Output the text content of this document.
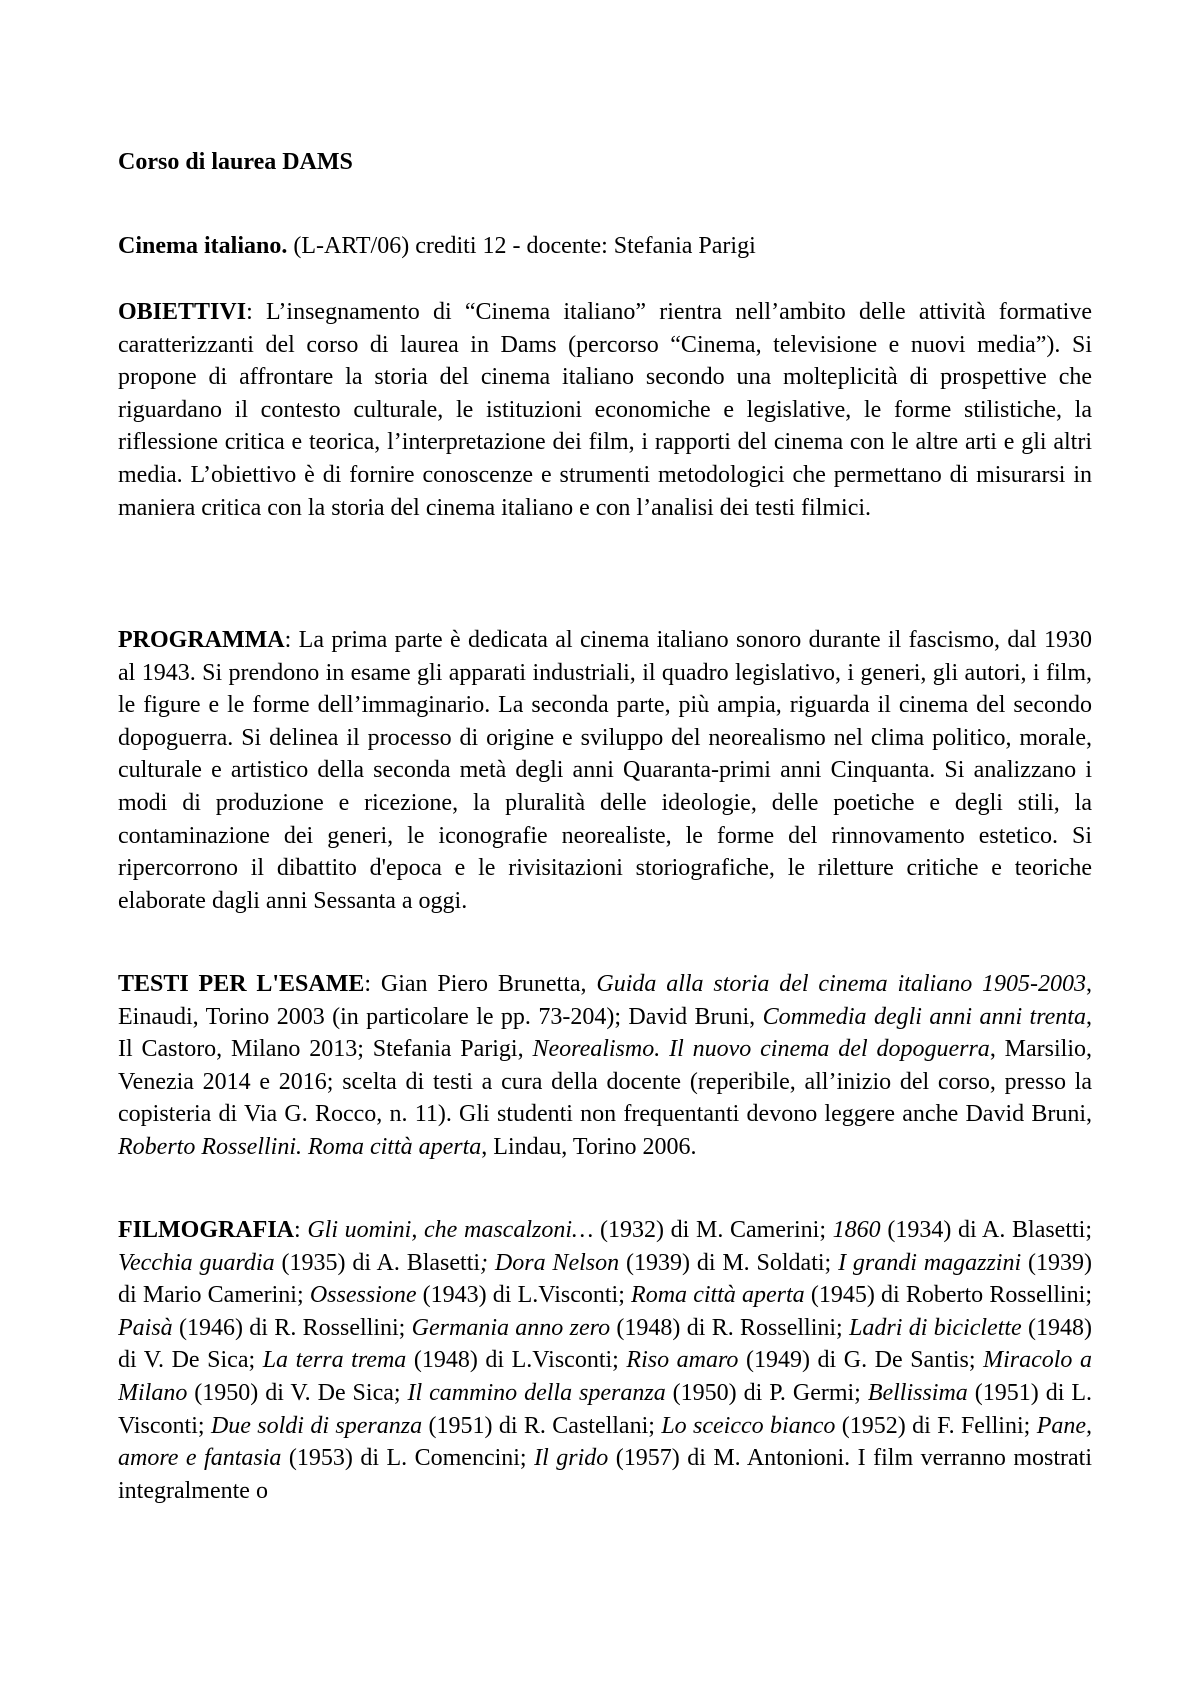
Corso di laurea DAMS

Cinema italiano. (L-ART/06) crediti 12 - docente: Stefania Parigi

OBIETTIVI: L’insegnamento di “Cinema italiano” rientra nell’ambito delle attività formative caratterizzanti del corso di laurea in Dams (percorso “Cinema, televisione e nuovi media”). Si propone di affrontare la storia del cinema italiano secondo una molteplicità di prospettive che riguardano il contesto culturale, le istituzioni economiche e legislative, le forme stilistiche, la riflessione critica e teorica, l’interpretazione dei film, i rapporti del cinema con le altre arti e gli altri media. L’obiettivo è di fornire conoscenze e strumenti metodologici che permettano di misurarsi in maniera critica con la storia del cinema italiano e con l’analisi dei testi filmici.

PROGRAMMA: La prima parte è dedicata al cinema italiano sonoro durante il fascismo, dal 1930 al 1943. Si prendono in esame gli apparati industriali, il quadro legislativo, i generi, gli autori, i film, le figure e le forme dell’immaginario. La seconda parte, più ampia, riguarda il cinema del secondo dopoguerra. Si delinea il processo di origine e sviluppo del neorealismo nel clima politico, morale, culturale e artistico della seconda metà degli anni Quaranta-primi anni Cinquanta. Si analizzano i modi di produzione e ricezione, la pluralità delle ideologie, delle poetiche e degli stili, la contaminazione dei generi, le iconografie neorealiste, le forme del rinnovamento estetico. Si ripercorrono il dibattito d'epoca e le rivisitazioni storiografiche, le riletture critiche e teoriche elaborate dagli anni Sessanta a oggi.

TESTI PER L'ESAME: Gian Piero Brunetta, Guida alla storia del cinema italiano 1905-2003, Einaudi, Torino 2003 (in particolare le pp. 73-204); David Bruni, Commedia degli anni anni trenta, Il Castoro, Milano 2013; Stefania Parigi, Neorealismo. Il nuovo cinema del dopoguerra, Marsilio, Venezia 2014 e 2016; scelta di testi a cura della docente (reperibile, all’inizio del corso, presso la copisteria di Via G. Rocco, n. 11). Gli studenti non frequentanti devono leggere anche David Bruni, Roberto Rossellini. Roma città aperta, Lindau, Torino 2006.

FILMOGRAFIA: Gli uomini, che mascalzoni… (1932) di M. Camerini; 1860 (1934) di A. Blasetti; Vecchia guardia (1935) di A. Blasetti; Dora Nelson (1939) di M. Soldati; I grandi magazzini (1939) di Mario Camerini; Ossessione (1943) di L.Visconti; Roma città aperta (1945) di Roberto Rossellini; Paisà (1946) di R. Rossellini; Germania anno zero (1948) di R. Rossellini; Ladri di biciclette (1948) di V. De Sica; La terra trema (1948) di L.Visconti; Riso amaro (1949) di G. De Santis; Miracolo a Milano (1950) di V. De Sica; Il cammino della speranza (1950) di P. Germi; Bellissima (1951) di L. Visconti; Due soldi di speranza (1951) di R. Castellani; Lo sceicco bianco (1952) di F. Fellini; Pane, amore e fantasia (1953) di L. Comencini; Il grido (1957) di M. Antonioni. I film verranno mostrati integralmente o
